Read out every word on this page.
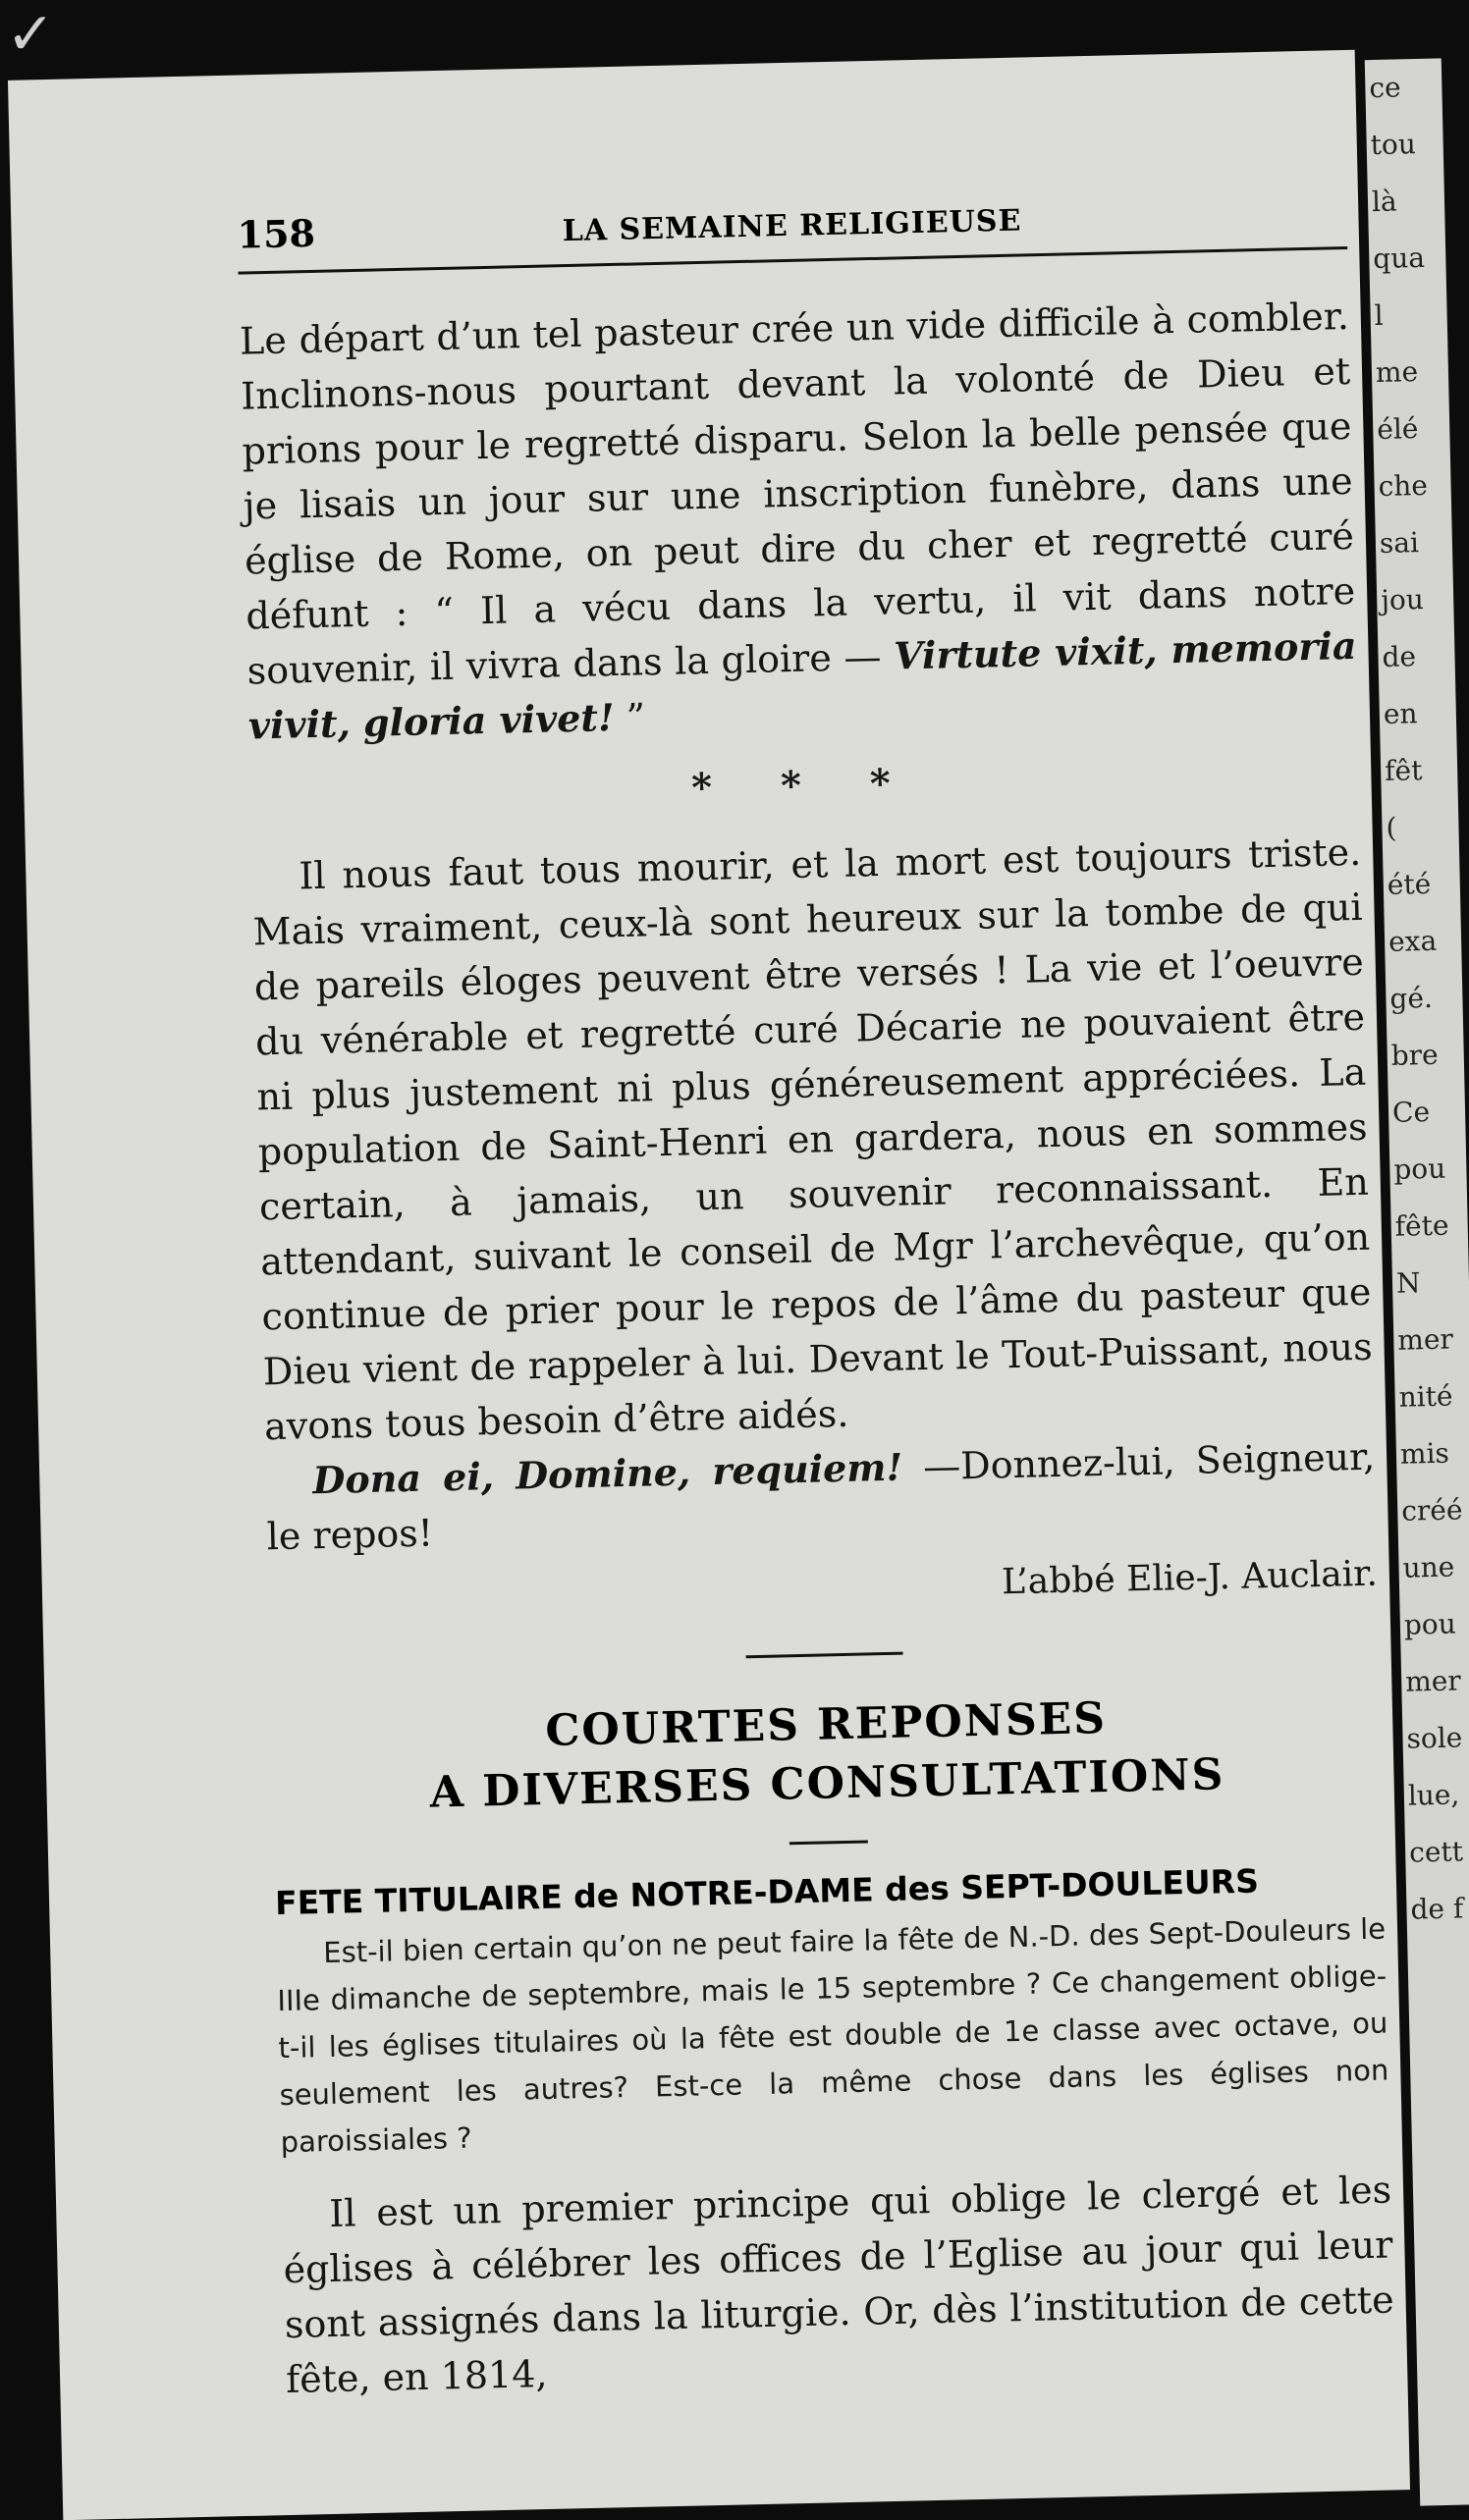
✓
158	LA SEMAINE RELIGIEUSE

Le départ d’un tel pasteur crée un vide difficile à combler. Inclinons-nous pourtant devant la volonté de Dieu et prions pour le regretté disparu. Selon la belle pensée que je lisais un jour sur une inscription funèbre, dans une église de Rome, on peut dire du cher et regretté curé défunt : “ Il a vécu dans la vertu, il vit dans notre souvenir, il vivra dans la gloire — Virtute vixit, memoria vivit, gloria vivet! ”

* * *

Il nous faut tous mourir, et la mort est toujours triste. Mais vraiment, ceux-là sont heureux sur la tombe de qui de pareils éloges peuvent être versés ! La vie et l’oeuvre du vénérable et regretté curé Décarie ne pouvaient être ni plus justement ni plus généreusement appréciées. La population de Saint-Henri en gardera, nous en sommes certain, à jamais, un souvenir reconnaissant. En attendant, suivant le conseil de Mgr l’archevêque, qu’on continue de prier pour le repos de l’âme du pasteur que Dieu vient de rappeler à lui. Devant le Tout-Puissant, nous avons tous besoin d’être aidés.

Dona ei, Domine, requiem! —Donnez-lui, Seigneur, le repos!

L’abbé Elie-J. Auclair.
COURTES REPONSES
A DIVERSES CONSULTATIONS
FETE TITULAIRE de NOTRE-DAME des SEPT-DOULEURS

Est-il bien certain qu’on ne peut faire la fête de N.-D. des Sept-Douleurs le IIIe dimanche de septembre, mais le 15 septembre ? Ce changement oblige-t-il les églises titulaires où la fête est double de 1e classe avec octave, ou seulement les autres? Est-ce la même chose dans les églises non paroissiales ?

Il est un premier principe qui oblige le clergé et les églises à célébrer les offices de l’Eglise au jour qui leur sont assignés dans la liturgie. Or, dès l’institution de cette fête, en 1814,

ce
tou
là
qua
l
me
élé
che
sai
jou
de
en
fêt
(
été
exa
gé.
bre
Ce
pou
fête
N
mer
nité
mis
créé
une
pou
mer
sole
lue,
cett
de f
